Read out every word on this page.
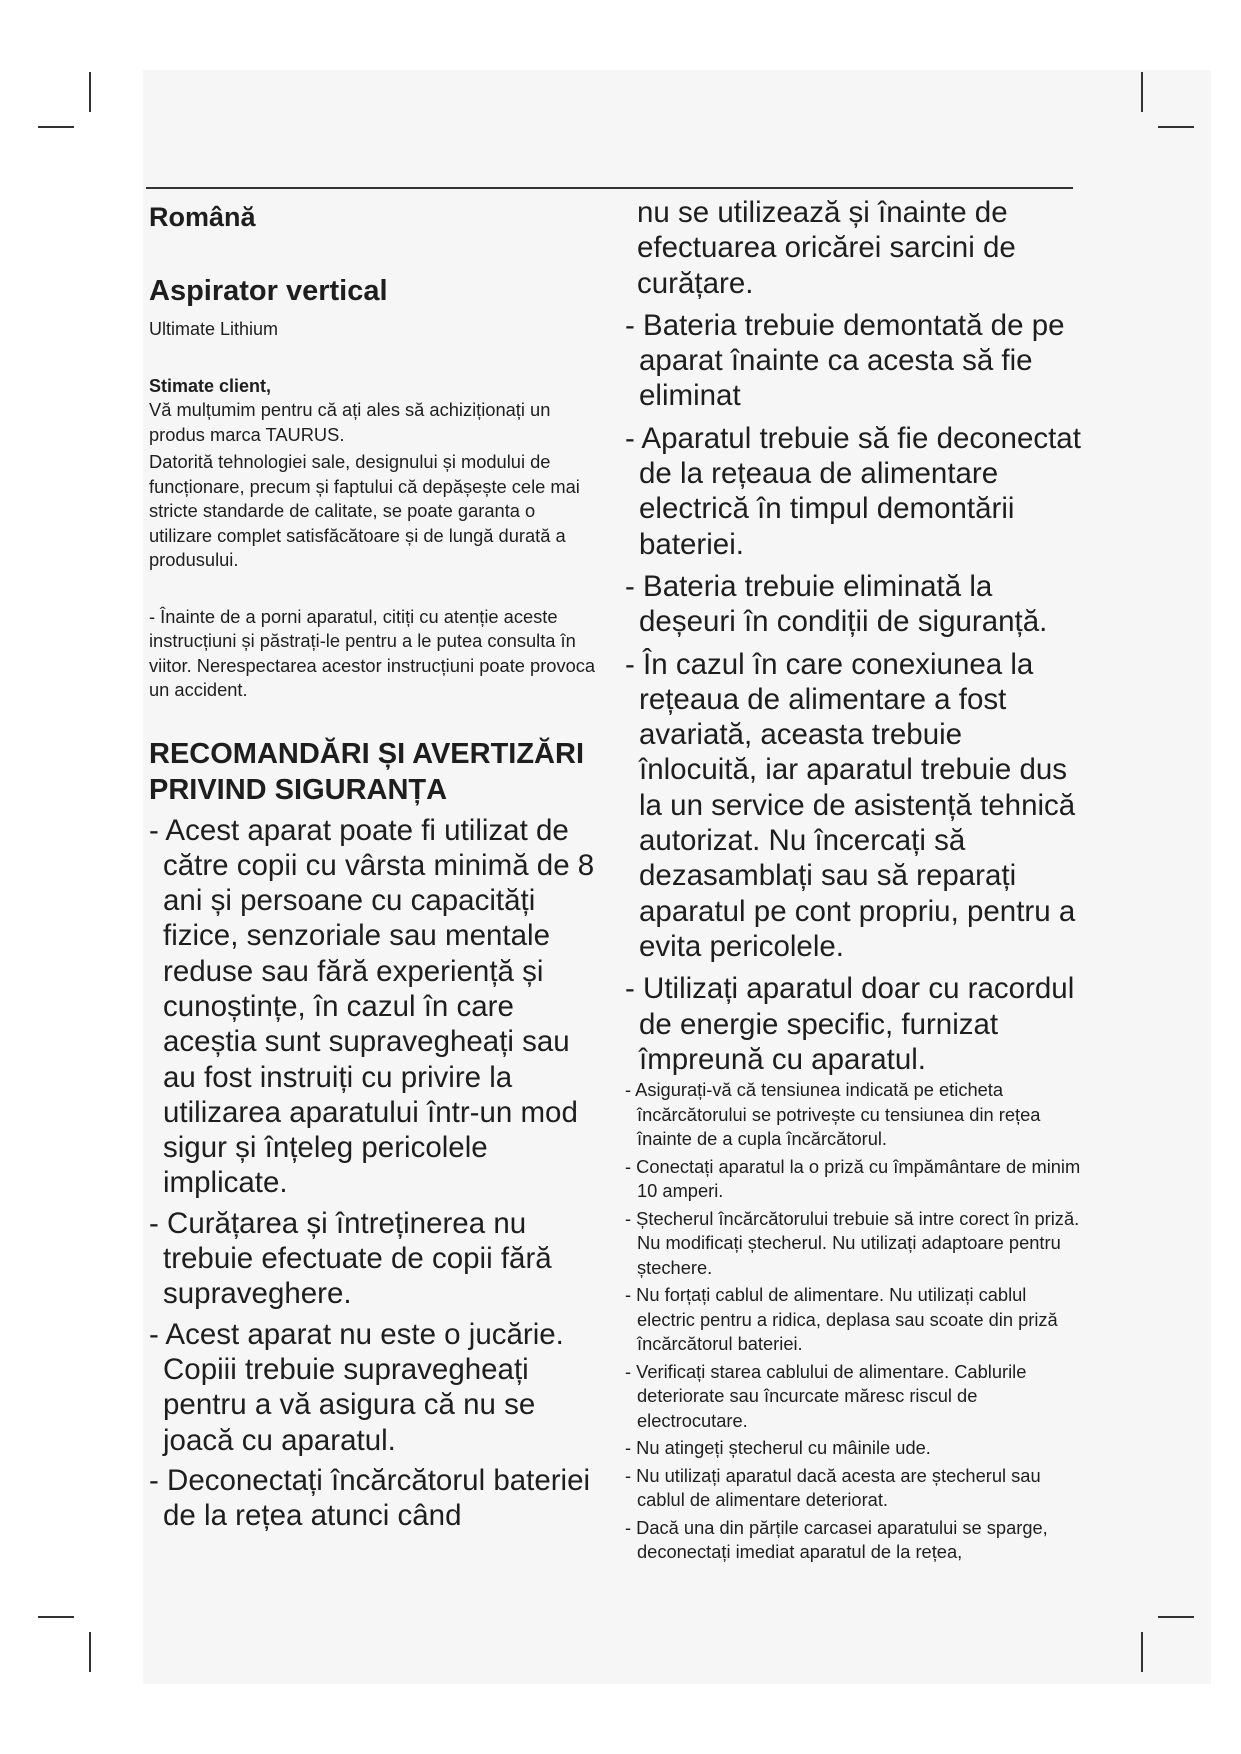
Română
Aspirator vertical
Ultimate Lithium
Stimate client,

Vă mulțumim pentru că ați ales să achiziționați un produs marca TAURUS.

Datorită tehnologiei sale, designului și modului de funcționare, precum și faptului că depășește cele mai stricte standarde de calitate, se poate garanta o utilizare complet satisfăcătoare și de lungă durată a produsului.

- Înainte de a porni aparatul, citiți cu atenție aceste instrucțiuni și păstrați-le pentru a le putea consulta în viitor. Nerespectarea acestor instrucțiuni poate provoca un accident.

RECOMANDĂRI ȘI AVERTIZĂRI PRIVIND SIGURANȚA

- Acest aparat poate fi utilizat de către copii cu vârsta minimă de 8 ani și persoane cu capacități fizice, senzoriale sau mentale reduse sau fără experiență și cunoștințe, în cazul în care aceștia sunt supravegheați sau au fost instruiți cu privire la utilizarea aparatului într-un mod sigur și înțeleg pericolele implicate.

- Curățarea și întreținerea nu trebuie efectuate de copii fără supraveghere.

- Acest aparat nu este o jucărie. Copiii trebuie supravegheați pentru a vă asigura că nu se joacă cu aparatul.

- Deconectați încărcătorul bateriei de la rețea atunci când

nu se utilizează și înainte de efectuarea oricărei sarcini de curățare.

- Bateria trebuie demontată de pe aparat înainte ca acesta să fie eliminat

- Aparatul trebuie să fie deconectat de la rețeaua de alimentare electrică în timpul demontării bateriei.

- Bateria trebuie eliminată la deșeuri în condiții de siguranță.

- În cazul în care conexiunea la rețeaua de alimentare a fost avariată, aceasta trebuie înlocuită, iar aparatul trebuie dus la un service de asistență tehnică autorizat. Nu încercați să dezasamblați sau să reparați aparatul pe cont propriu, pentru a evita pericolele.

- Utilizați aparatul doar cu racordul de energie specific, furnizat împreună cu aparatul.

- Asigurați-vă că tensiunea indicată pe eticheta încărcătorului se potrivește cu tensiunea din rețea înainte de a cupla încărcătorul.

- Conectați aparatul la o priză cu împământare de minim 10 amperi.

- Ștecherul încărcătorului trebuie să intre corect în priză. Nu modificați ștecherul. Nu utilizați adaptoare pentru ștechere.

- Nu forțați cablul de alimentare. Nu utilizați cablul electric pentru a ridica, deplasa sau scoate din priză încărcătorul bateriei.

- Verificați starea cablului de alimentare. Cablurile deteriorate sau încurcate măresc riscul de electrocutare.

- Nu atingeți ștecherul cu mâinile ude.

- Nu utilizați aparatul dacă acesta are ștecherul sau cablul de alimentare deteriorat.

- Dacă una din părțile carcasei aparatului se sparge, deconectați imediat aparatul de la rețea,
